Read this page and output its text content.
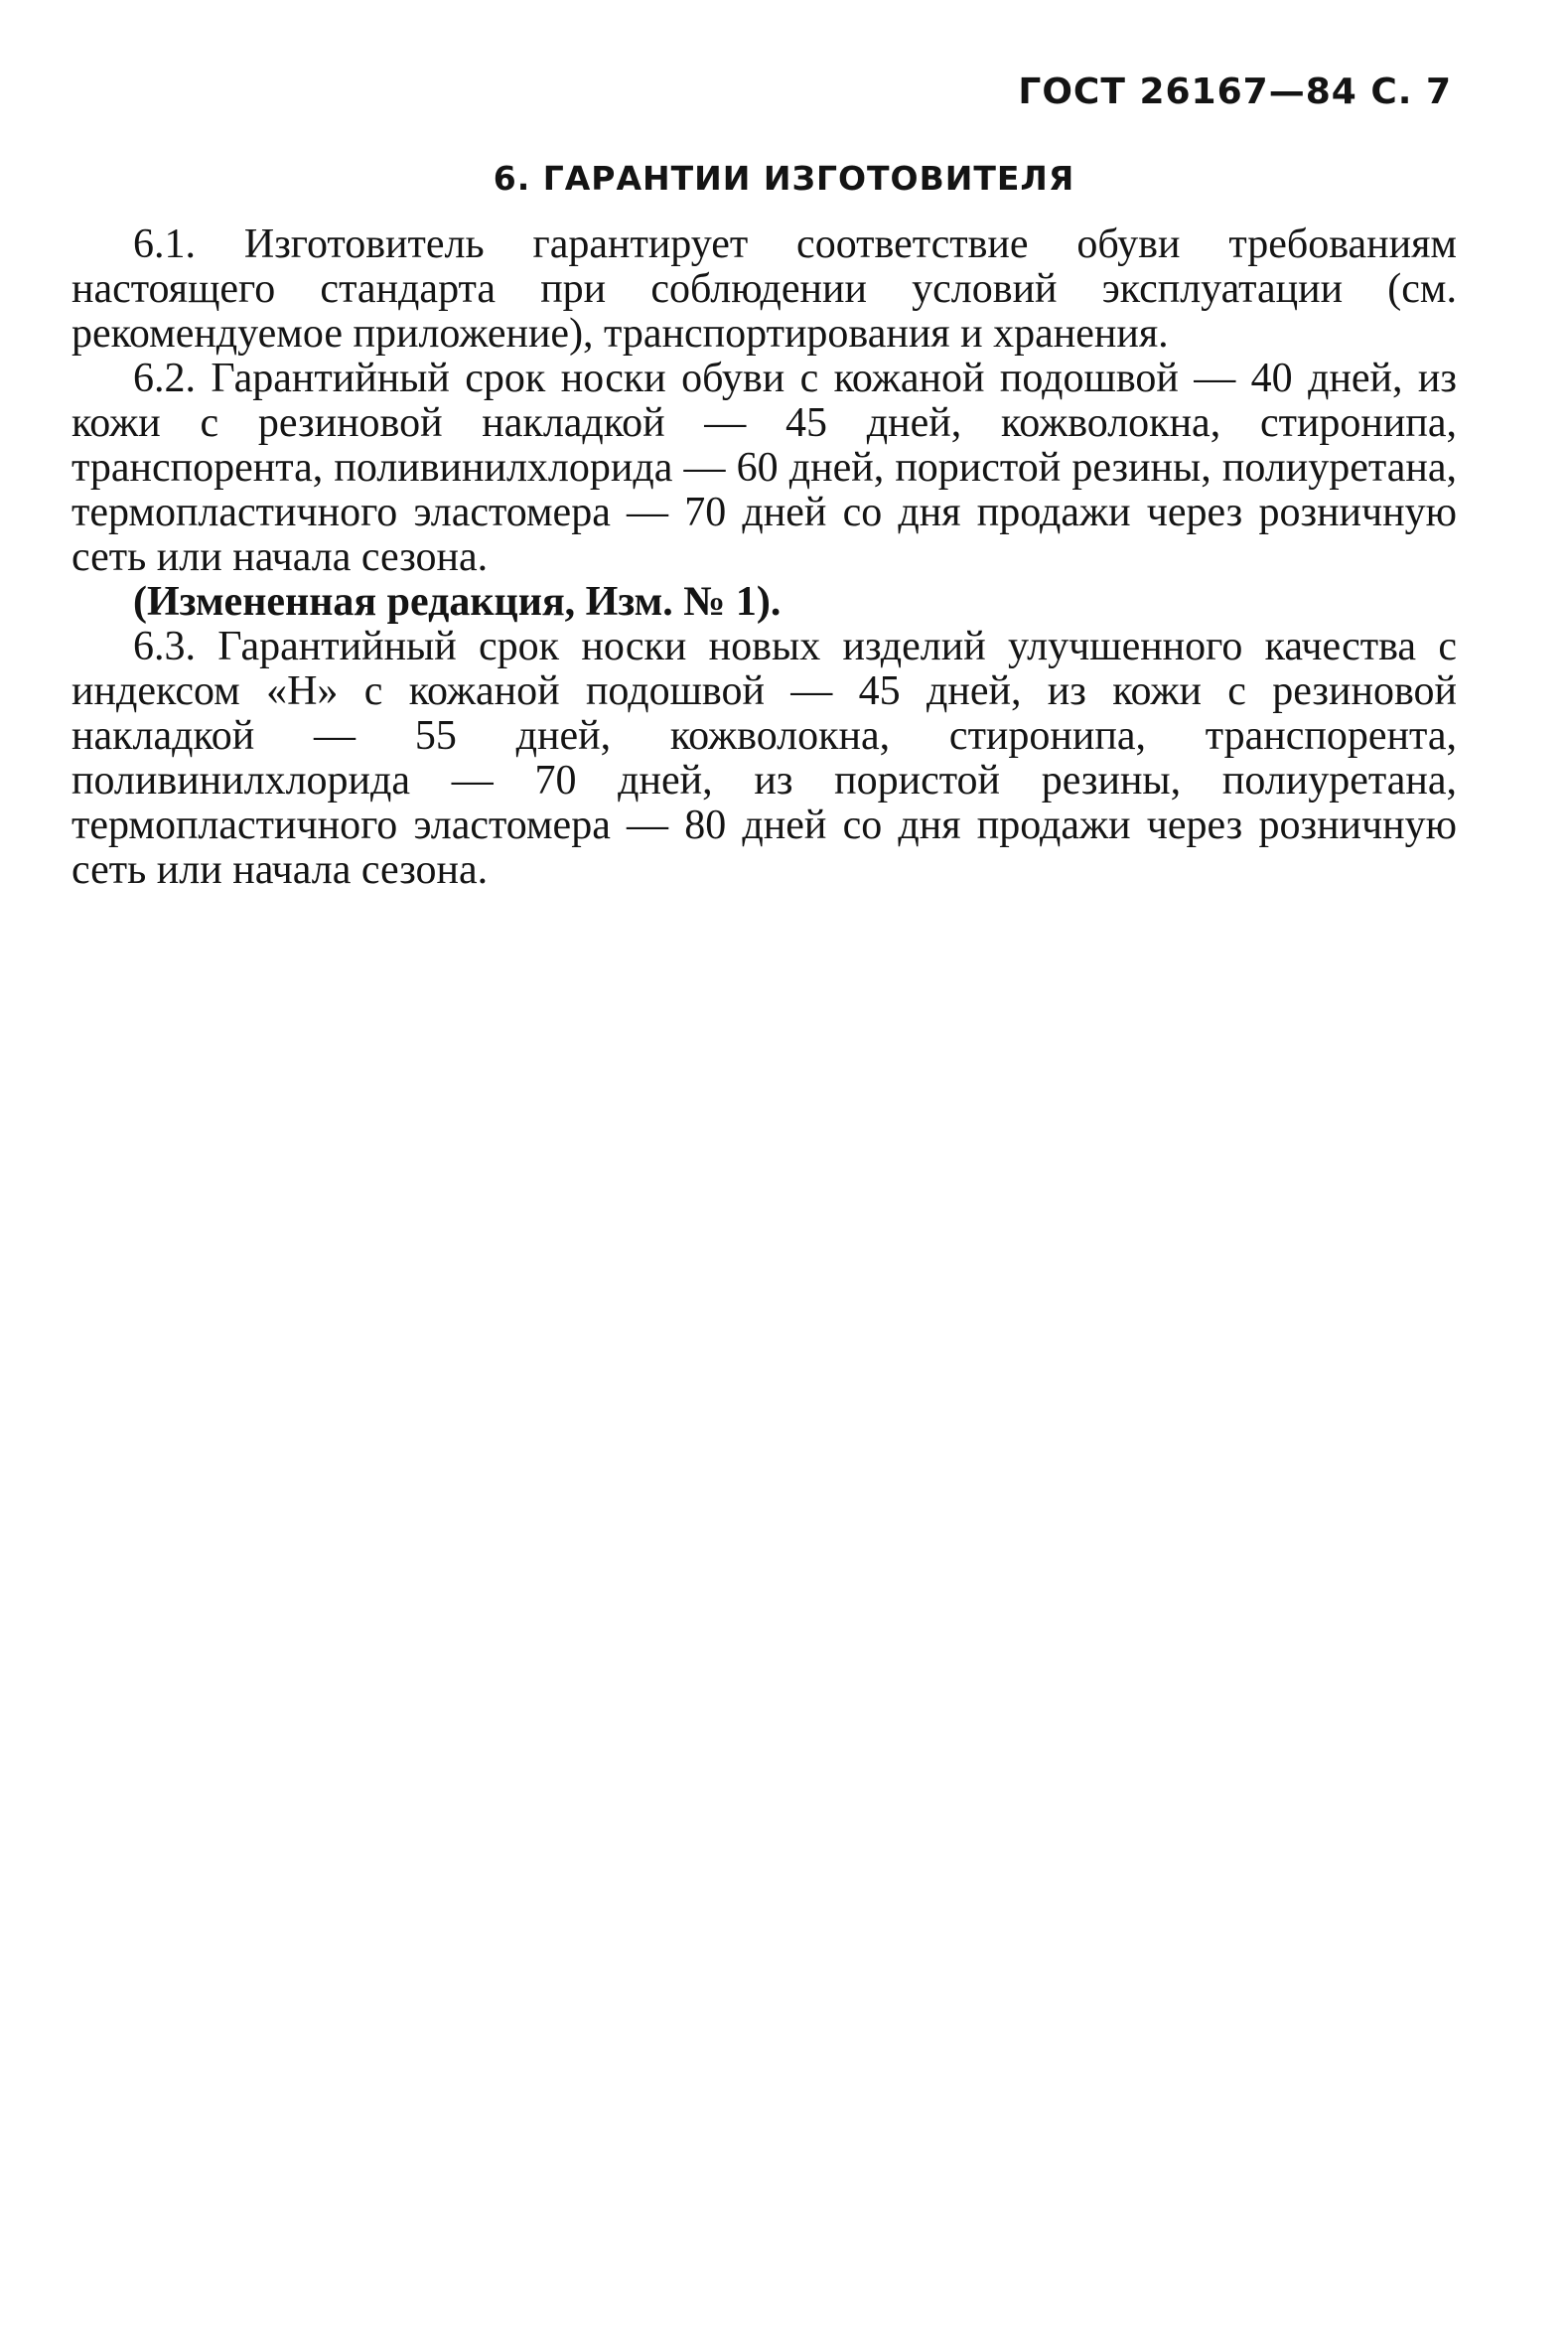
ГОСТ 26167—84 С. 7
6. ГАРАНТИИ ИЗГОТОВИТЕЛЯ

6.1. Изготовитель гарантирует соответствие обуви требованиям настоящего стандарта при соблюдении условий эксплуатации (см. рекомендуемое приложение), транспортирования и хранения.

6.2. Гарантийный срок носки обуви с кожаной подошвой — 40 дней, из кожи с резиновой накладкой — 45 дней, кожволокна, стиронипа, транспорента, поливинилхлорида — 60 дней, пористой резины, полиуретана, термопластичного эластомера — 70 дней со дня продажи через розничную сеть или начала сезона.

(Измененная редакция, Изм. № 1).

6.3. Гарантийный срок носки новых изделий улучшенного качества с индексом «Н» с кожаной подошвой — 45 дней, из кожи с резиновой накладкой — 55 дней, кожволокна, стиронипа, транспорента, поливинилхлорида — 70 дней, из пористой резины, полиуретана, термопластичного эластомера — 80 дней со дня продажи через розничную сеть или начала сезона.
